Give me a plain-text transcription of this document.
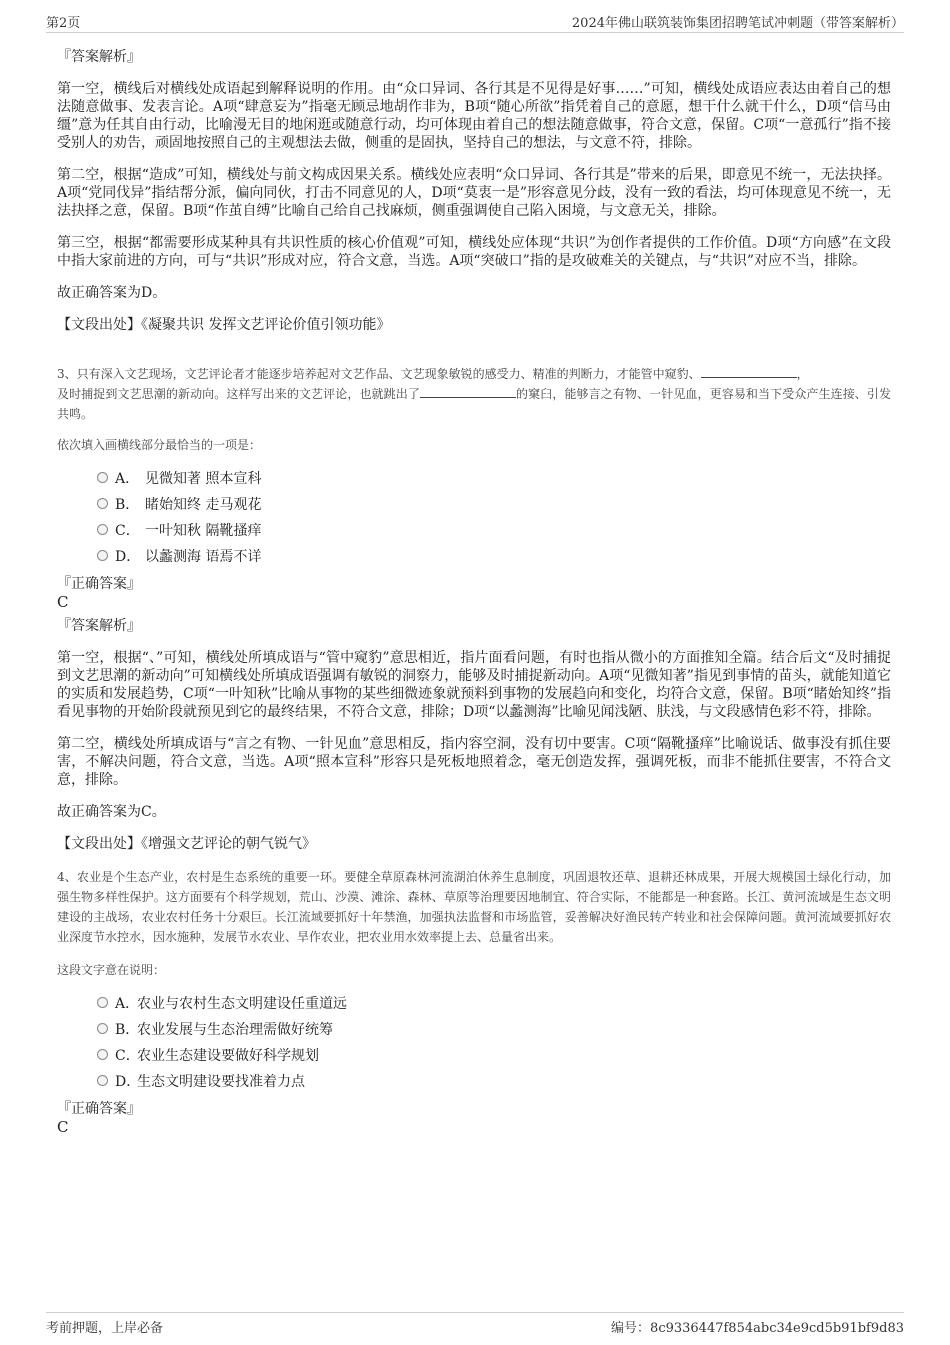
第2页	2024年佛山联筑装饰集团招聘笔试冲刺题（带答案解析）

『答案解析』

第一空，横线后对横线处成语起到解释说明的作用。由“众口异词、各行其是不见得是好事……”可知，横线处成语应表达由着自己的想法随意做事、发表言论。A项“肆意妄为”指毫无顾忌地胡作非为，B项“随心所欲”指凭着自己的意愿，想干什么就干什么，D项“信马由缰”意为任其自由行动，比喻漫无目的地闲逛或随意行动，均可体现由着自己的想法随意做事，符合文意，保留。C项“一意孤行”指不接受别人的劝告，顽固地按照自己的主观想法去做，侧重的是固执，坚持自己的想法，与文意不符，排除。

第二空，根据“造成”可知，横线处与前文构成因果关系。横线处应表明“众口异词、各行其是”带来的后果，即意见不统一，无法抉择。A项“党同伐异”指结帮分派，偏向同伙，打击不同意见的人，D项“莫衷一是”形容意见分歧，没有一致的看法，均可体现意见不统一，无法抉择之意，保留。B项“作茧自缚”比喻自己给自己找麻烦，侧重强调使自己陷入困境，与文意无关，排除。

第三空，根据“都需要形成某种具有共识性质的核心价值观”可知，横线处应体现“共识”为创作者提供的工作价值。D项“方向感”在文段中指大家前进的方向，可与“共识”形成对应，符合文意，当选。A项“突破口”指的是攻破难关的关键点，与“共识”对应不当，排除。

故正确答案为D。

【文段出处】《凝聚共识 发挥文艺评论价值引领功能》

3、只有深入文艺现场，文艺评论者才能逐步培养起对文艺作品、文艺现象敏锐的感受力、精准的判断力，才能管中窥豹、	，
及时捕捉到文艺思潮的新动向。这样写出来的文艺评论，也就跳出了	的窠臼，能够言之有物、一针见血，更容易和当下受众产生连接、引发共鸣。
依次填入画横线部分最恰当的一项是：
A． 见微知著 照本宣科
B． 睹始知终 走马观花
C． 一叶知秋 隔靴搔痒
D． 以蠡测海 语焉不详

『正确答案』

C

『答案解析』

第一空，根据“、”可知，横线处所填成语与“管中窥豹”意思相近，指片面看问题，有时也指从微小的方面推知全篇。结合后文“及时捕捉到文艺思潮的新动向”可知横线处所填成语强调有敏锐的洞察力，能够及时捕捉新动向。A项“见微知著”指见到事情的苗头，就能知道它的实质和发展趋势，C项“一叶知秋”比喻从事物的某些细微迹象就预料到事物的发展趋向和变化，均符合文意，保留。B项“睹始知终”指看见事物的开始阶段就预见到它的最终结果，不符合文意，排除；D项“以蠡测海”比喻见闻浅陋、肤浅，与文段感情色彩不符，排除。

第二空，横线处所填成语与“言之有物、一针见血”意思相反，指内容空洞，没有切中要害。C项“隔靴搔痒”比喻说话、做事没有抓住要害，不解决问题，符合文意，当选。A项“照本宣科”形容只是死板地照着念，毫无创造发挥，强调死板，而非不能抓住要害，不符合文意，排除。

故正确答案为C。

【文段出处】《增强文艺评论的朝气锐气》

4、农业是个生态产业，农村是生态系统的重要一环。要健全草原森林河流湖泊休养生息制度，巩固退牧还草、退耕还林成果，开展大规模国土绿化行动，加强生物多样性保护。这方面要有个科学规划，荒山、沙漠、滩涂、森林、草原等治理要因地制宜、符合实际，不能都是一种套路。长江、黄河流域是生态文明建设的主战场，农业农村任务十分艰巨。长江流域要抓好十年禁渔，加强执法监督和市场监管，妥善解决好渔民转产转业和社会保障问题。黄河流域要抓好农业深度节水控水，因水施种，发展节水农业、旱作农业，把农业用水效率提上去、总量省出来。
这段文字意在说明：
A．
农业与农村生态文明建设任重道远
B．
农业发展与生态治理需做好统筹
C．
农业生态建设要做好科学规划
D．
生态文明建设要找准着力点

『正确答案』

C

考前押题，上岸必备	编号：8c9336447f854abc34e9cd5b91bf9d83
